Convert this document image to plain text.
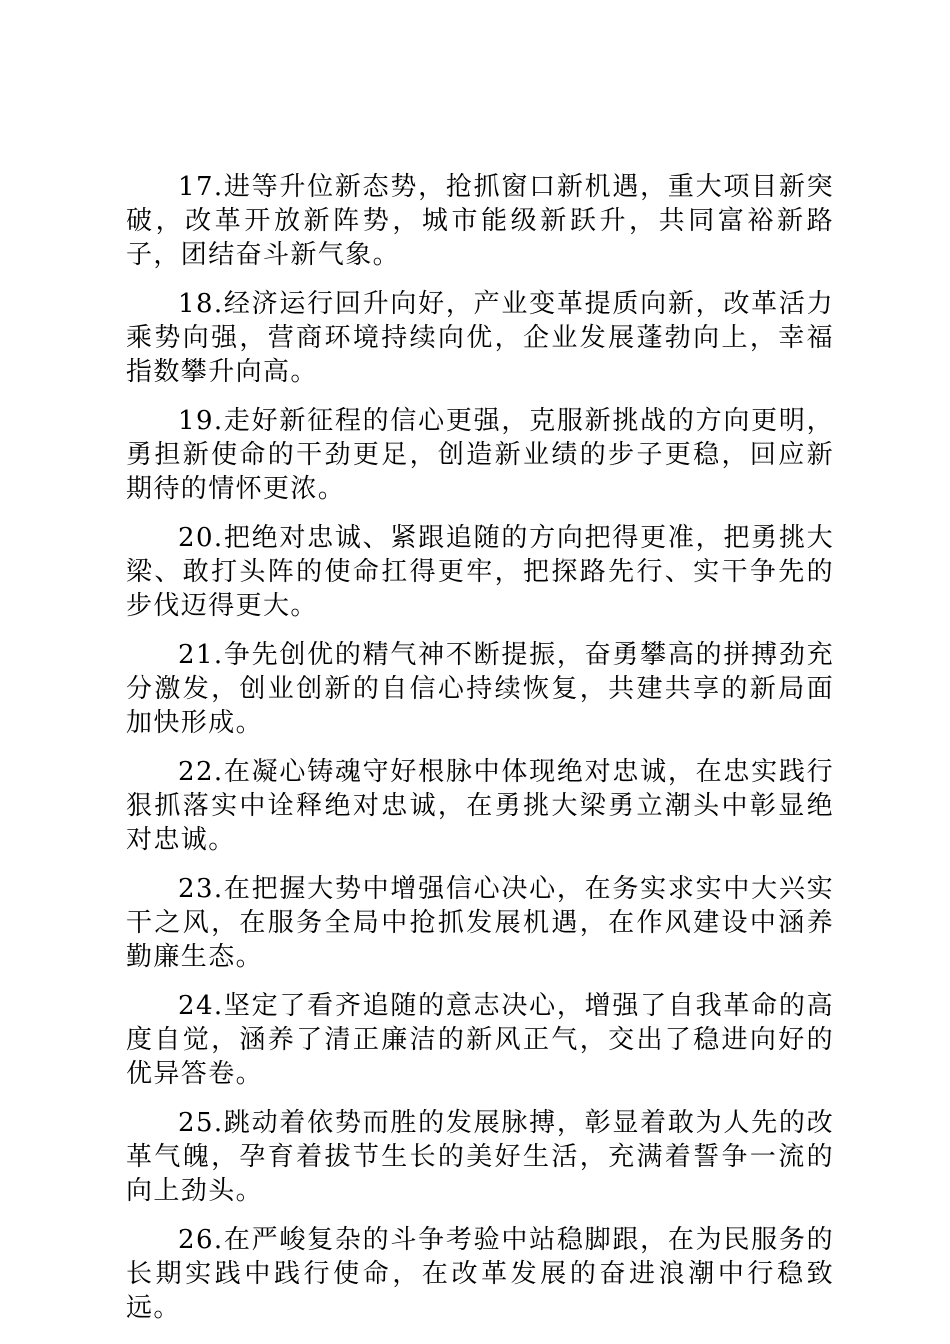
17.进等升位新态势，抢抓窗口新机遇，重大项目新突破，改革开放新阵势，城市能级新跃升，共同富裕新路子，团结奋斗新气象。

18.经济运行回升向好，产业变革提质向新，改革活力乘势向强，营商环境持续向优，企业发展蓬勃向上，幸福指数攀升向高。

19.走好新征程的信心更强，克服新挑战的方向更明，勇担新使命的干劲更足，创造新业绩的步子更稳，回应新期待的情怀更浓。

20.把绝对忠诚、紧跟追随的方向把得更准，把勇挑大梁、敢打头阵的使命扛得更牢，把探路先行、实干争先的步伐迈得更大。

21.争先创优的精气神不断提振，奋勇攀高的拼搏劲充分激发，创业创新的自信心持续恢复，共建共享的新局面加快形成。

22.在凝心铸魂守好根脉中体现绝对忠诚，在忠实践行狠抓落实中诠释绝对忠诚，在勇挑大梁勇立潮头中彰显绝对忠诚。

23.在把握大势中增强信心决心，在务实求实中大兴实干之风，在服务全局中抢抓发展机遇，在作风建设中涵养勤廉生态。

24.坚定了看齐追随的意志决心，增强了自我革命的高度自觉，涵养了清正廉洁的新风正气，交出了稳进向好的优异答卷。

25.跳动着依势而胜的发展脉搏，彰显着敢为人先的改革气魄，孕育着拔节生长的美好生活，充满着誓争一流的向上劲头。

26.在严峻复杂的斗争考验中站稳脚跟，在为民服务的长期实践中践行使命，在改革发展的奋进浪潮中行稳致远。
